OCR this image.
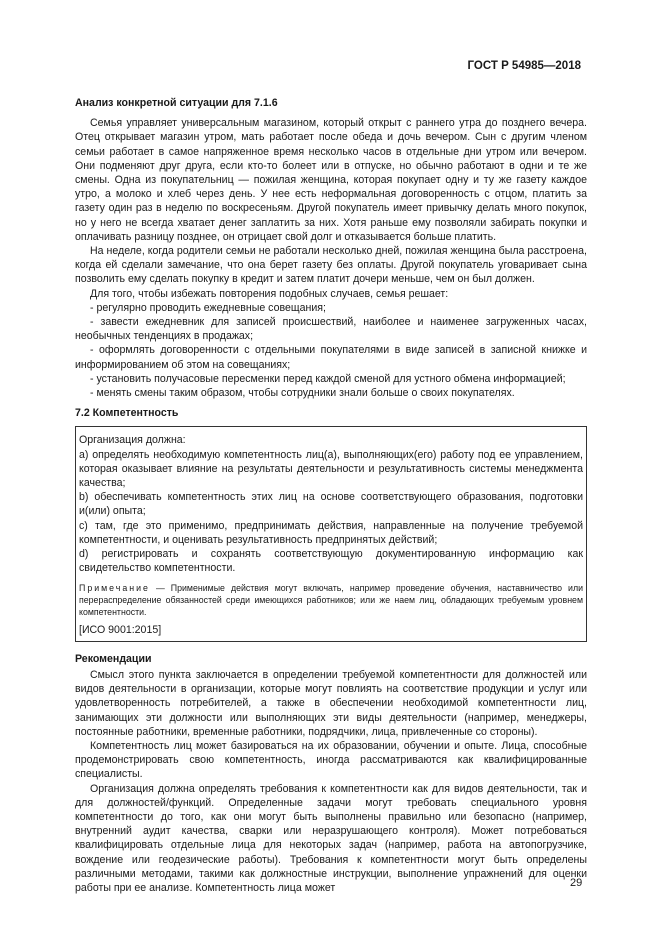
ГОСТ Р 54985—2018
Анализ конкретной ситуации для 7.1.6

Семья управляет универсальным магазином, который открыт с раннего утра до позднего вечера. Отец открывает магазин утром, мать работает после обеда и дочь вечером. Сын с другим членом семьи работает в самое напряженное время несколько часов в отдельные дни утром или вечером. Они подменяют друг друга, если кто-то болеет или в отпуске, но обычно работают в одни и те же смены. Одна из покупательниц — пожилая женщина, которая покупает одну и ту же газету каждое утро, а молоко и хлеб через день. У нее есть неформальная договоренность с отцом, платить за газету один раз в неделю по воскресеньям. Другой покупатель имеет привычку делать много покупок, но у него не всегда хватает денег заплатить за них. Хотя раньше ему позволяли забирать покупки и оплачивать разницу позднее, он отрицает свой долг и отказывается больше платить.

На неделе, когда родители семьи не работали несколько дней, пожилая женщина была расстроена, когда ей сделали замечание, что она берет газету без оплаты. Другой покупатель уговаривает сына позволить ему сделать покупку в кредит и затем платит дочери меньше, чем он был должен.

Для того, чтобы избежать повторения подобных случаев, семья решает:

- регулярно проводить ежедневные совещания;

- завести ежедневник для записей происшествий, наиболее и наименее загруженных часах, необычных тенденциях в продажах;

- оформлять договоренности с отдельными покупателями в виде записей в записной книжке и информированием об этом на совещаниях;

- установить получасовые пересменки перед каждой сменой для устного обмена информацией;

- менять смены таким образом, чтобы сотрудники знали больше о своих покупателях.

7.2 Компетентность

Организация должна:

a) определять необходимую компетентность лиц(а), выполняющих(его) работу под ее управлением, которая оказывает влияние на результаты деятельности и результативность системы менеджмента качества;

b) обеспечивать компетентность этих лиц на основе соответствующего образования, подготовки и(или) опыта;

c) там, где это применимо, предпринимать действия, направленные на получение требуемой компетентности, и оценивать результативность предпринятых действий;

d) регистрировать и сохранять соответствующую документированную информацию как свидетельство компетентности.

Примечание — Применимые действия могут включать, например проведение обучения, наставничество или перераспределение обязанностей среди имеющихся работников; или же наем лиц, обладающих требуемым уровнем компетентности.
[ИСО 9001:2015]
Рекомендации

Смысл этого пункта заключается в определении требуемой компетентности для должностей или видов деятельности в организации, которые могут повлиять на соответствие продукции и услуг или удовлетворенность потребителей, а также в обеспечении необходимой компетентности лиц, занимающих эти должности или выполняющих эти виды деятельности (например, менеджеры, постоянные работники, временные работники, подрядчики, лица, привлеченные со стороны).

Компетентность лиц может базироваться на их образовании, обучении и опыте. Лица, способные продемонстрировать свою компетентность, иногда рассматриваются как квалифицированные специалисты.

Организация должна определять требования к компетентности как для видов деятельности, так и для должностей/функций. Определенные задачи могут требовать специального уровня компетентности до того, как они могут быть выполнены правильно или безопасно (например, внутренний аудит качества, сварки или неразрушающего контроля). Может потребоваться квалифицировать отдельные лица для некоторых задач (например, работа на автопогрузчике, вождение или геодезические работы). Требования к компетентности могут быть определены различными методами, такими как должностные инструкции, выполнение упражнений для оценки работы при ее анализе. Компетентность лица может	29
